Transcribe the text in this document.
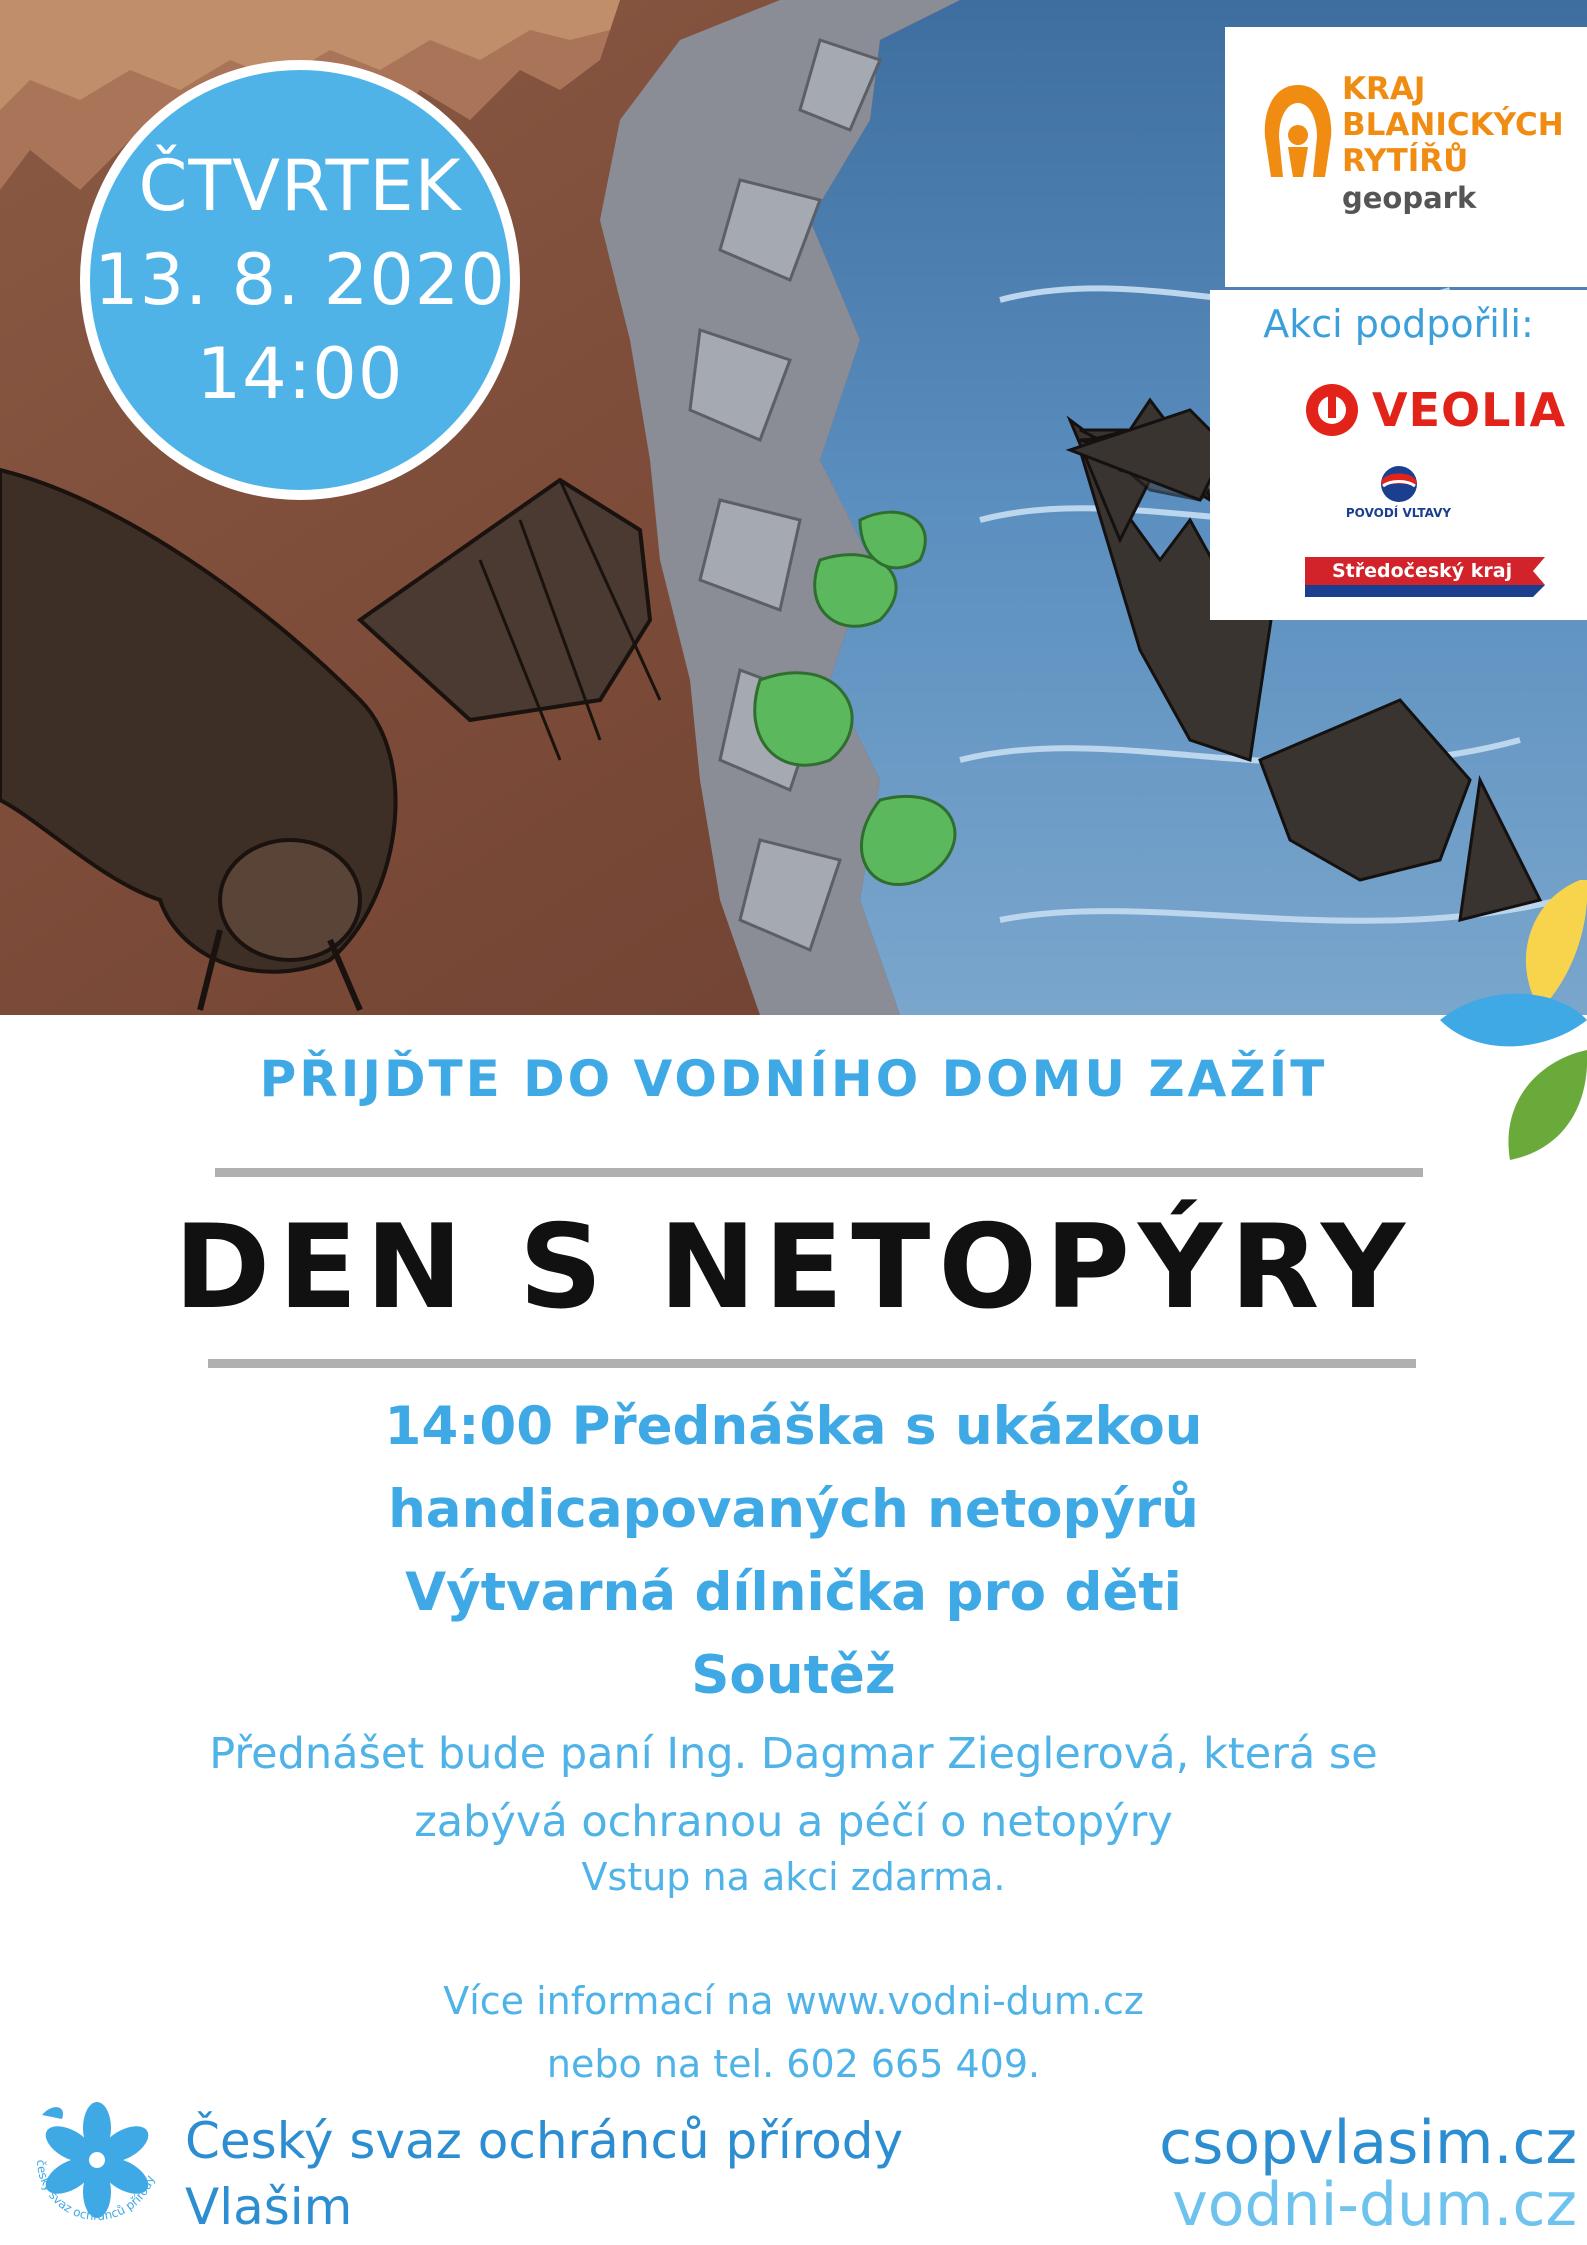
ČTVRTEK
13. 8. 2020
14:00
KRAJ
BLANICKÝCH
RYTÍŘŮ
geopark
Akci podpořili:
VEOLIA
POVODÍ VLTAVY
Středočeský kraj
PŘIJĎTE DO VODNÍHO DOMU ZAŽÍT
DEN S NETOPÝRY
14:00 Přednáška s ukázkou
handicapovaných netopýrů
Výtvarná dílnička pro děti
Soutěž
Přednášet bude paní Ing. Dagmar Zieglerová, která se
zabývá ochranou a péčí o netopýry
Vstup na akci zdarma.
Více informací na www.vodni-dum.cz
nebo na tel. 602 665 409.
český svaz ochránců přírody
Český svaz ochránců přírody
Vlašim
csopvlasim.cz
vodni-dum.cz
